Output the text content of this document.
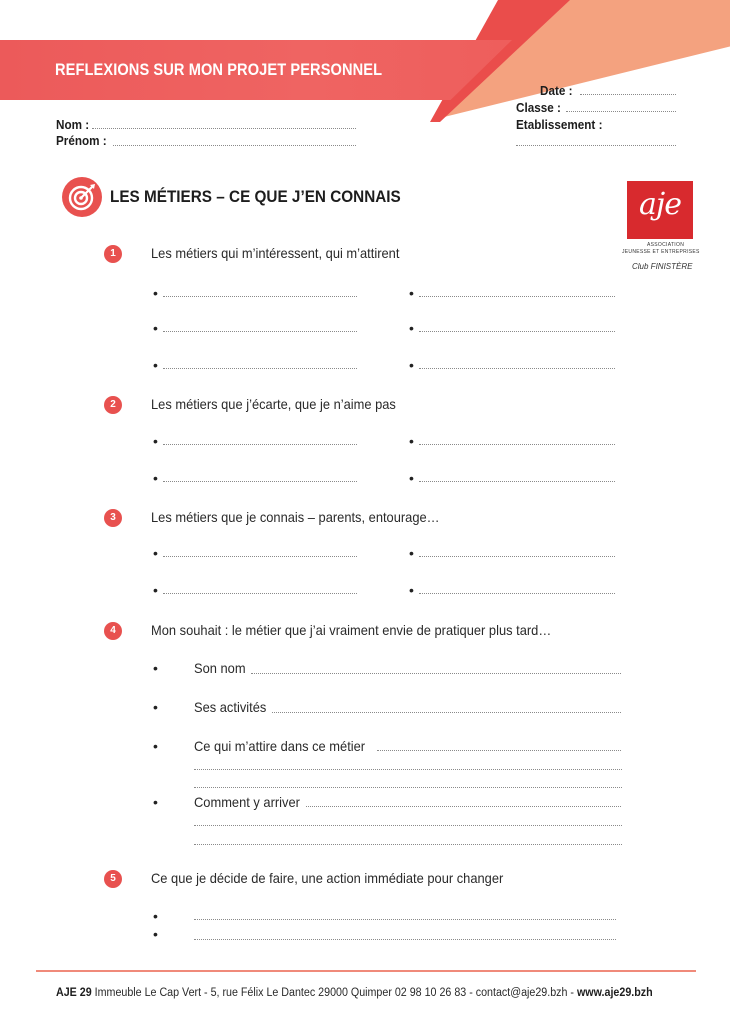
REFLEXIONS SUR MON PROJET PERSONNEL
Nom :
Prénom :
Date :
Classe :
Etablissement :
LES MÉTIERS – CE QUE J’EN CONNAIS	aje
ASSOCIATION
JEUNESSE ET ENTREPRISES
Club FINISTÈRE
1	Les métiers qui m’intéressent, qui m’attirent
•	•
•	•
•	•
2	Les métiers que j’écarte, que je n’aime pas
•	•
•	•
3	Les métiers que je connais – parents, entourage…
•	•
•	•
4	Mon souhait : le métier que j’ai vraiment envie de pratiquer plus tard…
•	Son nom
•	Ses activités
•	Ce qui m’attire dans ce métier
•	Comment y arriver
5	Ce que je décide de faire, une action immédiate pour changer
•
•
AJE 29 Immeuble Le Cap Vert - 5, rue Félix Le Dantec 29000 Quimper 02 98 10 26 83 - contact@aje29.bzh - www.aje29.bzh
